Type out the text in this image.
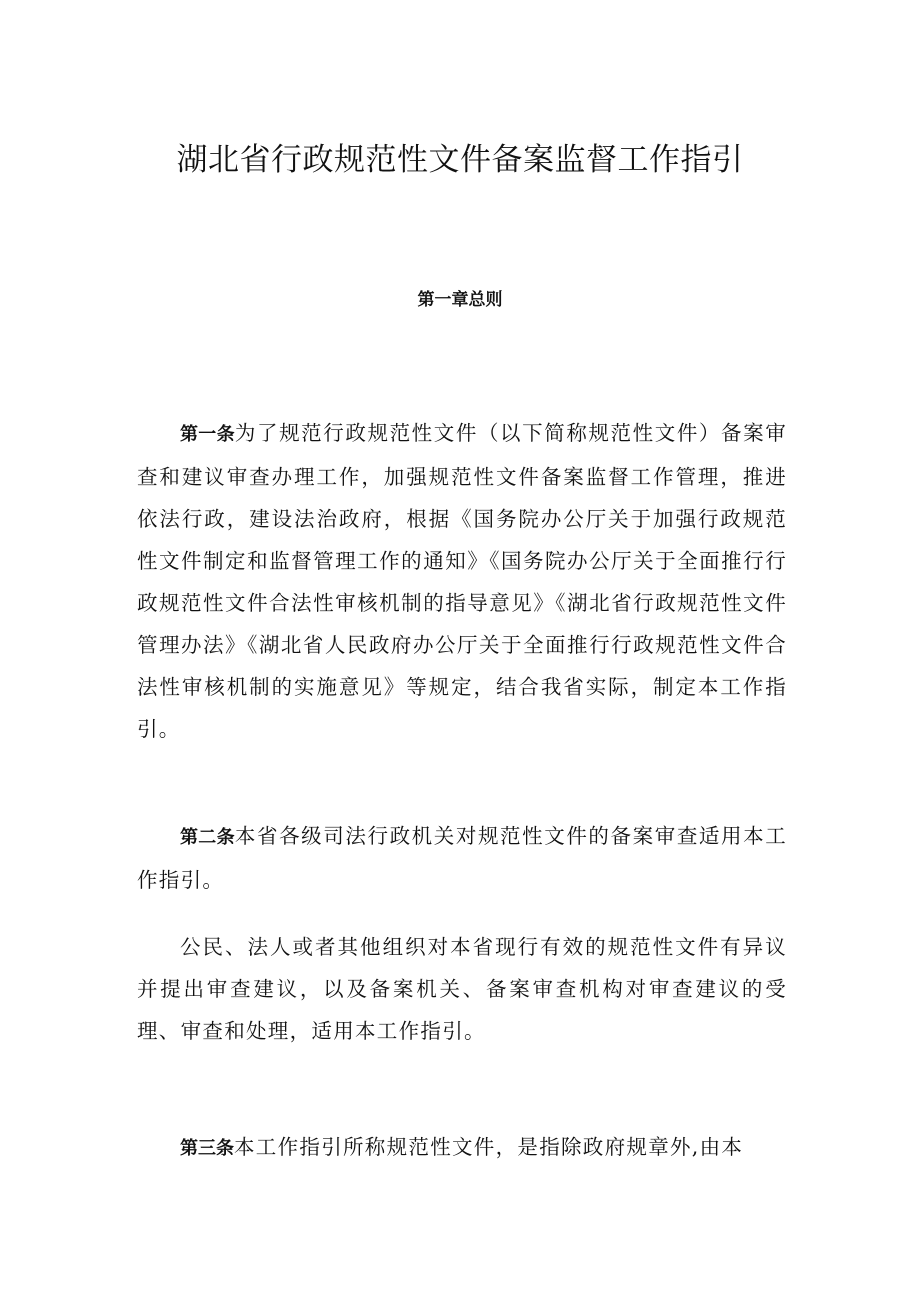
湖北省行政规范性文件备案监督工作指引
第一章总则

第一条为了规范行政规范性文件（以下简称规范性文件）备案审查和建议审查办理工作，加强规范性文件备案监督工作管理，推进依法行政，建设法治政府，根据《国务院办公厅关于加强行政规范性文件制定和监督管理工作的通知》《国务院办公厅关于全面推行行政规范性文件合法性审核机制的指导意见》《湖北省行政规范性文件管理办法》《湖北省人民政府办公厅关于全面推行行政规范性文件合法性审核机制的实施意见》等规定，结合我省实际，制定本工作指引。

第二条本省各级司法行政机关对规范性文件的备案审查适用本工作指引。

公民、法人或者其他组织对本省现行有效的规范性文件有异议并提出审查建议，以及备案机关、备案审查机构对审查建议的受理、审查和处理，适用本工作指引。

第三条本工作指引所称规范性文件，是指除政府规章外,由本
